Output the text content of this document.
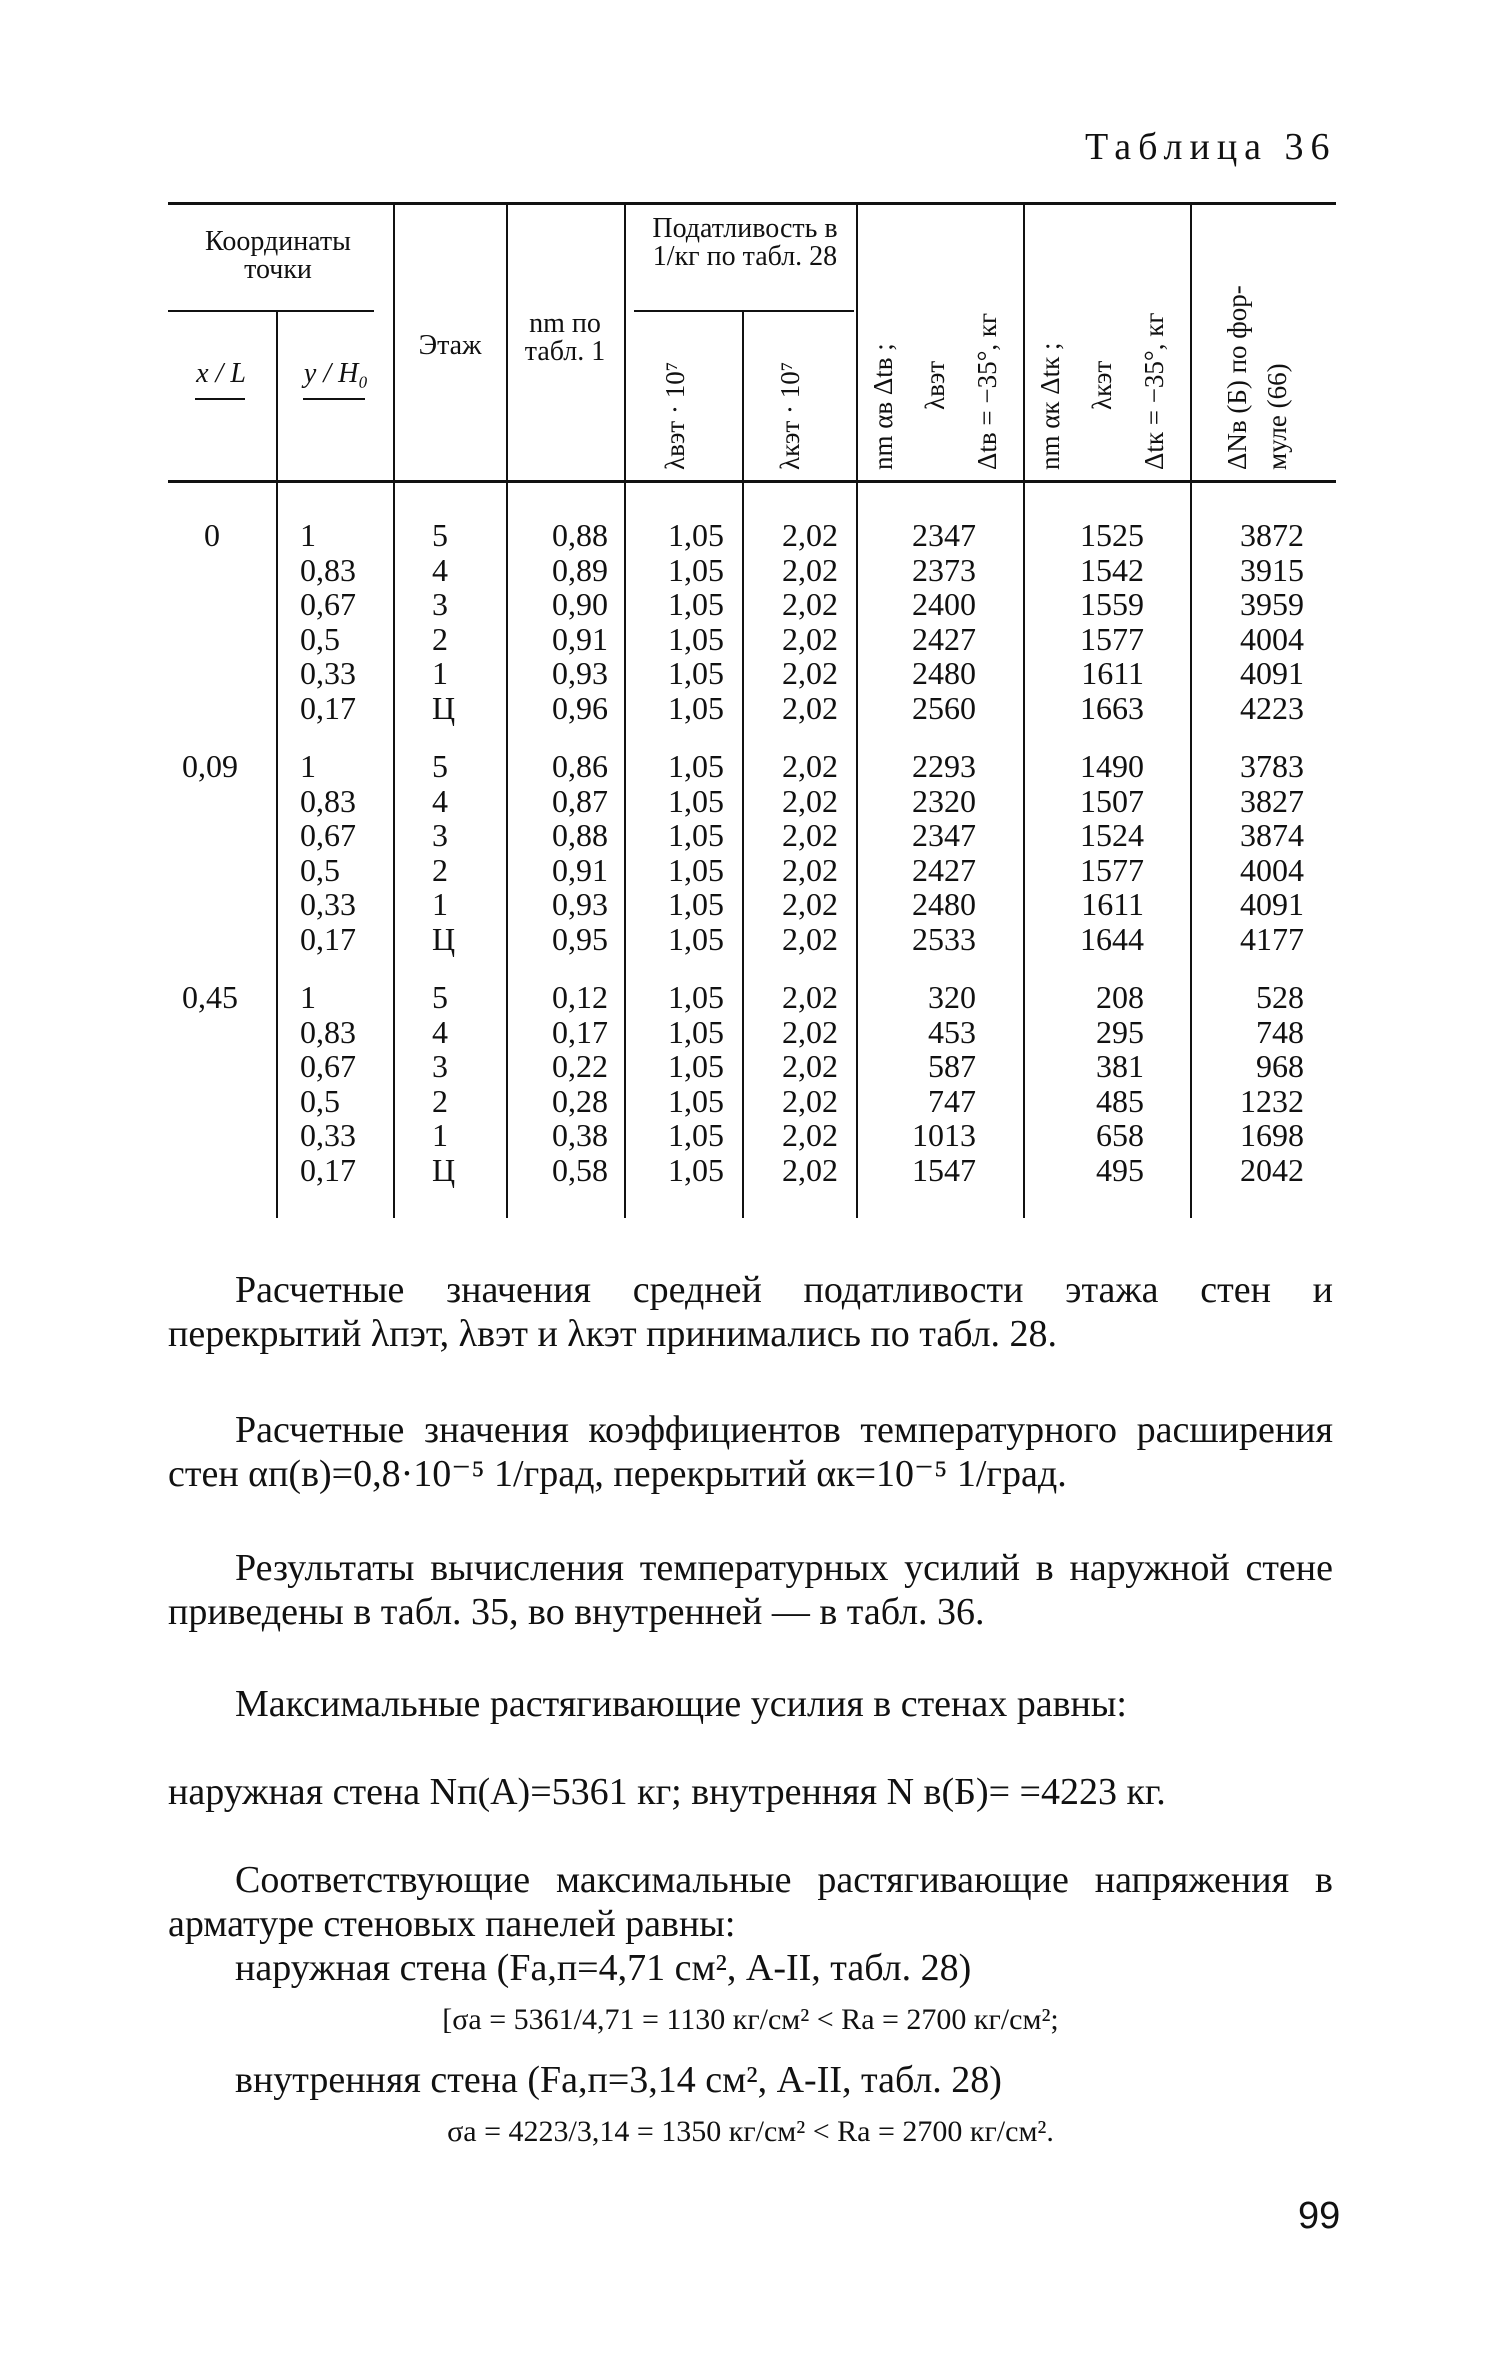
Таблица 36
Координаты точки
x / L	y / H₀
Этаж
nm по табл. 1
Податливость в 1/кг по табл. 28
λвэт · 10⁷	λкэт · 10⁷ nm αв Δtв ; λвэт Δtв = −35°, кг nm αк Δtк ; λкэт Δtк = −35°, кг ΔNв (Б) по фор- муле (66)
0
0,09
0,45
1
0,83
0,67
0,5
0,33
0,17
5
4
3
2
1
Ц
0,88
0,89
0,90
0,91
0,93
0,96
1,05
1,05
1,05
1,05
1,05
1,05
2,02
2,02
2,02
2,02
2,02
2,02
2347
2373
2400
2427
2480
2560
1525
1542
1559
1577
1611
1663
3872
3915
3959
4004
4091
4223
1
0,83
0,67
0,5
0,33
0,17
5
4
3
2
1
Ц
0,86
0,87
0,88
0,91
0,93
0,95
1,05
1,05
1,05
1,05
1,05
1,05
2,02
2,02
2,02
2,02
2,02
2,02
2293
2320
2347
2427
2480
2533
1490
1507
1524
1577
1611
1644
3783
3827
3874
4004
4091
4177
1
0,83
0,67
0,5
0,33
0,17
5
4
3
2
1
Ц
0,12
0,17
0,22
0,28
0,38
0,58
1,05
1,05
1,05
1,05
1,05
1,05
2,02
2,02
2,02
2,02
2,02
2,02
320
453
587
747
1013
1547
208
295
381
485
658
495
528
748
968
1232
1698
2042
Расчетные значения средней податливости этажа стен и перекрытий λпэт, λвэт и λкэт принимались по табл. 28.
Расчетные значения коэффициентов температурного расширения стен αп(в)=0,8·10⁻⁵ 1/град, перекрытий αк=10⁻⁵ 1/град.
Результаты вычисления температурных усилий в наружной стене приведены в табл. 35, во внутренней — в табл. 36.
Максимальные растягивающие усилия в стенах равны:
наружная стена Nп(A)=5361 кг; внутренняя N в(Б)= =4223 кг.
Соответствующие максимальные растягивающие напряжения в арматуре стеновых панелей равны:
наружная стена (Fа,п=4,71 см², А-II, табл. 28)
[σа = 5361/4,71 = 1130 кг/см² < Rа = 2700 кг/см²;
внутренняя стена (Fа,п=3,14 см², А-II, табл. 28)
σа = 4223/3,14 = 1350 кг/см² < Rа = 2700 кг/см².
99
